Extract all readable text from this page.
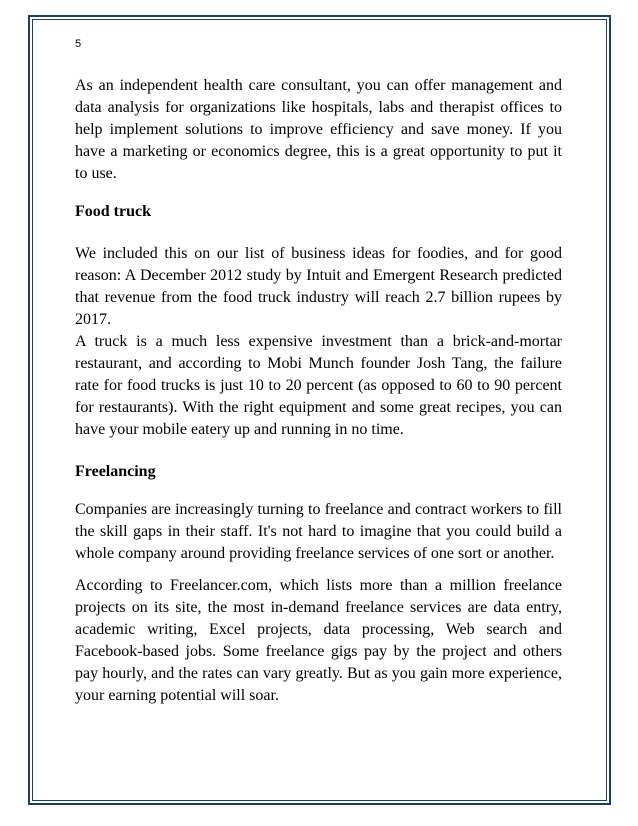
5

As an independent health care consultant, you can offer management and data analysis for organizations like hospitals, labs and therapist offices to help implement solutions to improve efficiency and save money. If you have a marketing or economics degree, this is a great opportunity to put it to use.

Food truck

We included this on our list of business ideas for foodies, and for good reason: A December 2012 study by Intuit and Emergent Research predicted that revenue from the food truck industry will reach 2.7 billion rupees by 2017.

A truck is a much less expensive investment than a brick-and-mortar restaurant, and according to Mobi Munch founder Josh Tang, the failure rate for food trucks is just 10 to 20 percent (as opposed to 60 to 90 percent for restaurants). With the right equipment and some great recipes, you can have your mobile eatery up and running in no time.

Freelancing

Companies are increasingly turning to freelance and contract workers to fill the skill gaps in their staff. It's not hard to imagine that you could build a whole company around providing freelance services of one sort or another.

According to Freelancer.com, which lists more than a million freelance projects on its site, the most in-demand freelance services are data entry, academic writing, Excel projects, data processing, Web search and Facebook-based jobs. Some freelance gigs pay by the project and others pay hourly, and the rates can vary greatly. But as you gain more experience, your earning potential will soar.
